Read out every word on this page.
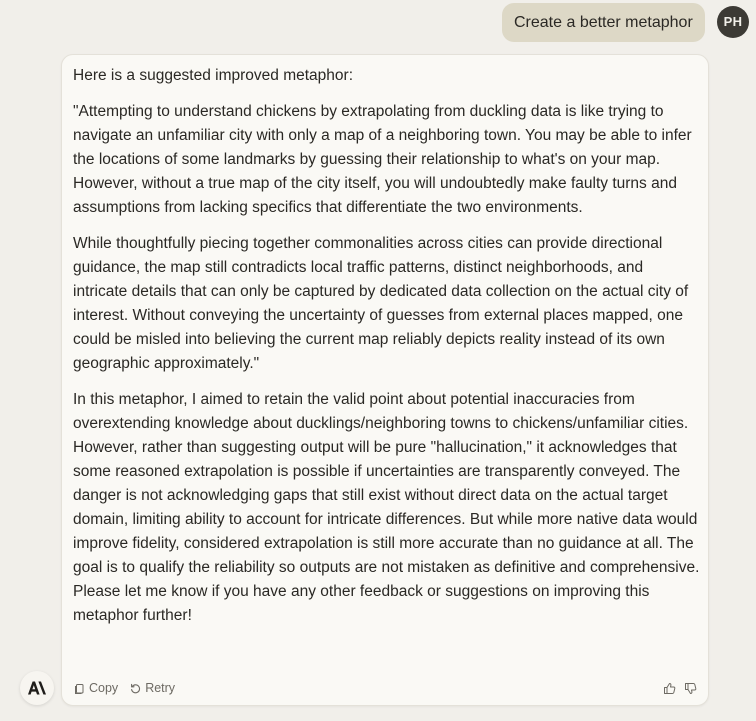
Create a better metaphor	PH

Here is a suggested improved metaphor:

"Attempting to understand chickens by extrapolating from duckling data is like trying to navigate an unfamiliar city with only a map of a neighboring town. You may be able to infer the locations of some landmarks by guessing their relationship to what's on your map. However, without a true map of the city itself, you will undoubtedly make faulty turns and assumptions from lacking specifics that differentiate the two environments.

While thoughtfully piecing together commonalities across cities can provide directional guidance, the map still contradicts local traffic patterns, distinct neighborhoods, and intricate details that can only be captured by dedicated data collection on the actual city of interest. Without conveying the uncertainty of guesses from external places mapped, one could be misled into believing the current map reliably depicts reality instead of its own geographic approximately."

In this metaphor, I aimed to retain the valid point about potential inaccuracies from overextending knowledge about ducklings/neighboring towns to chickens/unfamiliar cities. However, rather than suggesting output will be pure "hallucination," it acknowledges that some reasoned extrapolation is possible if uncertainties are transparently conveyed. The danger is not acknowledging gaps that still exist without direct data on the actual target domain, limiting ability to account for intricate differences. But while more native data would improve fidelity, considered extrapolation is still more accurate than no guidance at all. The goal is to qualify the reliability so outputs are not mistaken as definitive and comprehensive. Please let me know if you have any other feedback or suggestions on improving this metaphor further!

Copy Retry
